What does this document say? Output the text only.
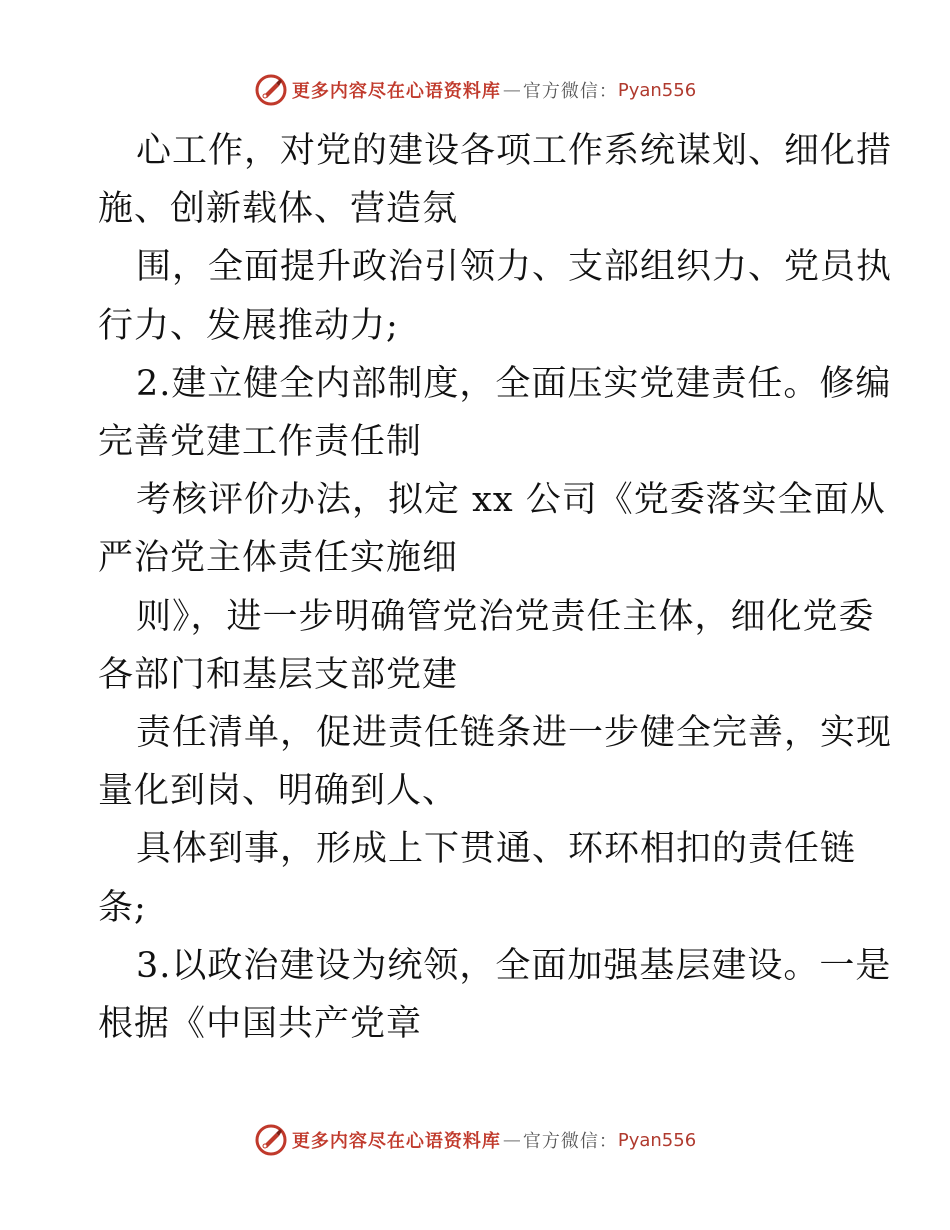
更多内容尽在心语资料库 — 官方微信： Pyan556
心工作，对党的建设各项工作系统谋划、细化措
施、创新载体、营造氛
围，全面提升政治引领力、支部组织力、党员执
行力、发展推动力;
2.建立健全内部制度，全面压实党建责任。修编
完善党建工作责任制
考核评价办法，拟定 xx 公司《党委落实全面从
严治党主体责任实施细
则》，进一步明确管党治党责任主体，细化党委
各部门和基层支部党建
责任清单，促进责任链条进一步健全完善，实现
量化到岗、明确到人、
具体到事，形成上下贯通、环环相扣的责任链
条;
3.以政治建设为统领，全面加强基层建设。一是
根据《中国共产党章
更多内容尽在心语资料库 — 官方微信： Pyan556
